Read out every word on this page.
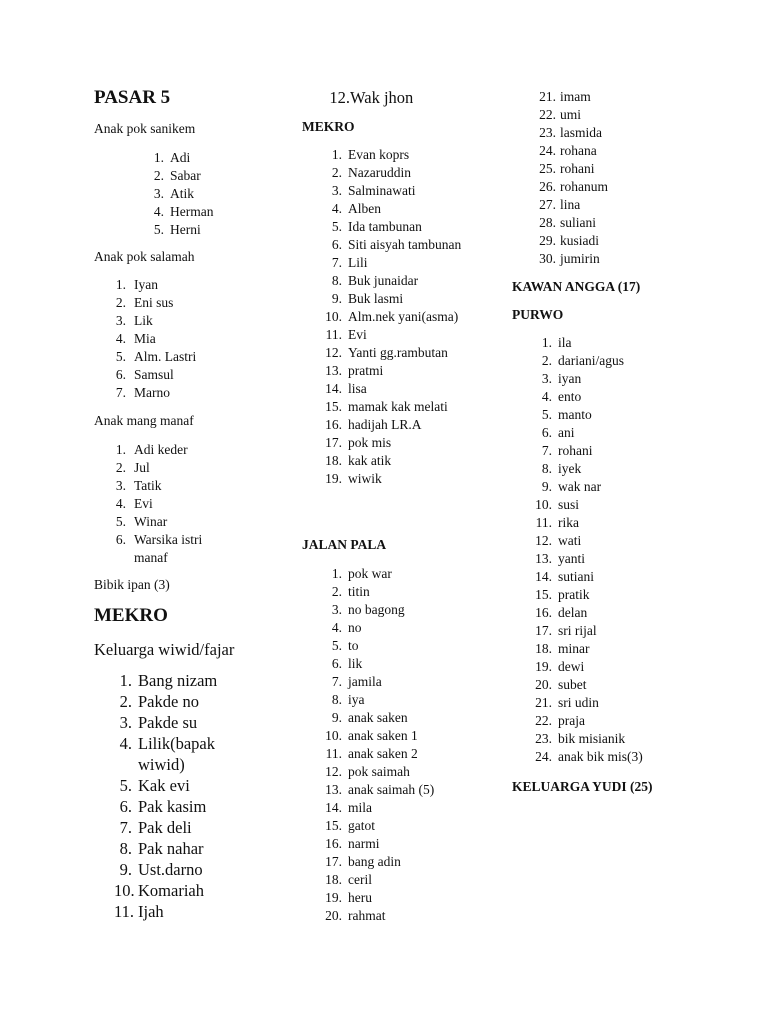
PASAR 5

Anak pok sanikem

1. Adi
2. Sabar
3. Atik
4. Herman
5. Herni

Anak pok salamah

1. Iyan
2. Eni sus
3. Lik
4. Mia
5. Alm. Lastri
6. Samsul
7. Marno

Anak mang manaf

1. Adi keder
2. Jul
3. Tatik
4. Evi
5. Winar
6. Warsika istri manaf

Bibik ipan (3)

MEKRO

Keluarga wiwid/fajar

1. Bang nizam
2. Pakde no
3. Pakde su
4. Lilik(bapak wiwid)
5. Kak evi
6. Pak kasim
7. Pak deli
8. Pak nahar
9. Ust.darno
10. Komariah
11. Ijah
12. Wak jhon
MEKRO
1. Evan koprs
2. Nazaruddin
3. Salminawati
4. Alben
5. Ida tambunan
6. Siti aisyah tambunan
7. Lili
8. Buk junaidar
9. Buk lasmi
10. Alm.nek yani(asma)
11. Evi
12. Yanti gg.rambutan
13. pratmi
14. lisa
15. mamak kak melati
16. hadijah LR.A
17. pok mis
18. kak atik
19. wiwik
JALAN PALA
1. pok war
2. titin
3. no bagong
4. no
5. to
6. lik
7. jamila
8. iya
9. anak saken
10. anak saken 1
11. anak saken 2
12. pok saimah
13. anak saimah (5)
14. mila
15. gatot
16. narmi
17. bang adin
18. ceril
19. heru
20. rahmat
21. imam
22. umi
23. lasmida
24. rohana
25. rohani
26. rohanum
27. lina
28. suliani
29. kusiadi
30. jumirin
KAWAN ANGGA (17)
PURWO
1. ila
2. dariani/agus
3. iyan
4. ento
5. manto
6. ani
7. rohani
8. iyek
9. wak nar
10. susi
11. rika
12. wati
13. yanti
14. sutiani
15. pratik
16. delan
17. sri rijal
18. minar
19. dewi
20. subet
21. sri udin
22. praja
23. bik misianik
24. anak bik mis(3)
KELUARGA YUDI (25)
